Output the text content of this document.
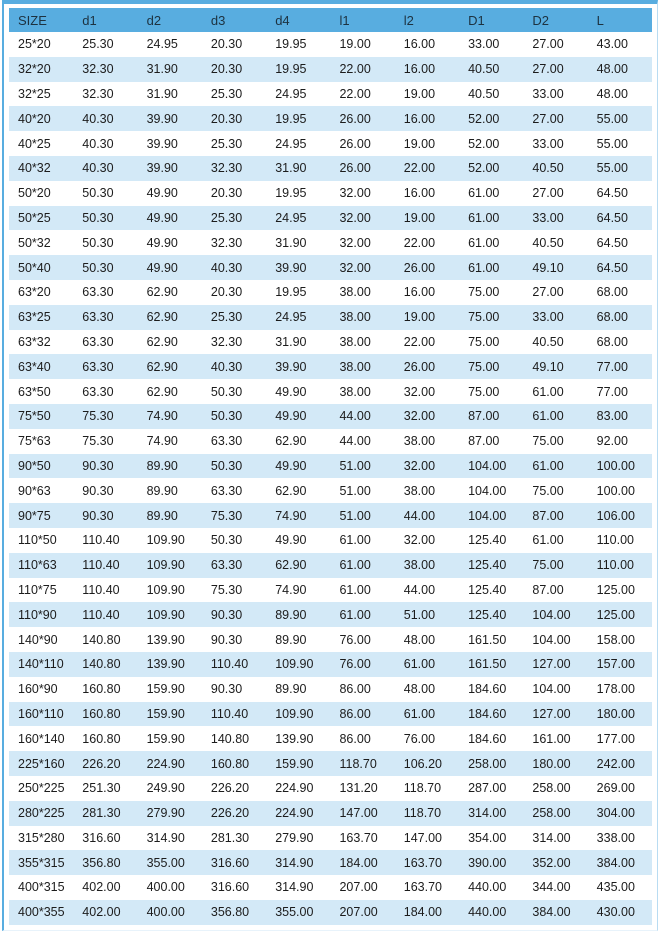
SIZE	d1	d2	d3	d4	l1	l2	D1	D2	L
25*20	25.30	24.95	20.30	19.95	19.00	16.00	33.00	27.00	43.00
32*20	32.30	31.90	20.30	19.95	22.00	16.00	40.50	27.00	48.00
32*25	32.30	31.90	25.30	24.95	22.00	19.00	40.50	33.00	48.00
40*20	40.30	39.90	20.30	19.95	26.00	16.00	52.00	27.00	55.00
40*25	40.30	39.90	25.30	24.95	26.00	19.00	52.00	33.00	55.00
40*32	40.30	39.90	32.30	31.90	26.00	22.00	52.00	40.50	55.00
50*20	50.30	49.90	20.30	19.95	32.00	16.00	61.00	27.00	64.50
50*25	50.30	49.90	25.30	24.95	32.00	19.00	61.00	33.00	64.50
50*32	50.30	49.90	32.30	31.90	32.00	22.00	61.00	40.50	64.50
50*40	50.30	49.90	40.30	39.90	32.00	26.00	61.00	49.10	64.50
63*20	63.30	62.90	20.30	19.95	38.00	16.00	75.00	27.00	68.00
63*25	63.30	62.90	25.30	24.95	38.00	19.00	75.00	33.00	68.00
63*32	63.30	62.90	32.30	31.90	38.00	22.00	75.00	40.50	68.00
63*40	63.30	62.90	40.30	39.90	38.00	26.00	75.00	49.10	77.00
63*50	63.30	62.90	50.30	49.90	38.00	32.00	75.00	61.00	77.00
75*50	75.30	74.90	50.30	49.90	44.00	32.00	87.00	61.00	83.00
75*63	75.30	74.90	63.30	62.90	44.00	38.00	87.00	75.00	92.00
90*50	90.30	89.90	50.30	49.90	51.00	32.00	104.00	61.00	100.00
90*63	90.30	89.90	63.30	62.90	51.00	38.00	104.00	75.00	100.00
90*75	90.30	89.90	75.30	74.90	51.00	44.00	104.00	87.00	106.00
110*50	110.40	109.90	50.30	49.90	61.00	32.00	125.40	61.00	110.00
110*63	110.40	109.90	63.30	62.90	61.00	38.00	125.40	75.00	110.00
110*75	110.40	109.90	75.30	74.90	61.00	44.00	125.40	87.00	125.00
110*90	110.40	109.90	90.30	89.90	61.00	51.00	125.40	104.00	125.00
140*90	140.80	139.90	90.30	89.90	76.00	48.00	161.50	104.00	158.00
140*110	140.80	139.90	110.40	109.90	76.00	61.00	161.50	127.00	157.00
160*90	160.80	159.90	90.30	89.90	86.00	48.00	184.60	104.00	178.00
160*110	160.80	159.90	110.40	109.90	86.00	61.00	184.60	127.00	180.00
160*140	160.80	159.90	140.80	139.90	86.00	76.00	184.60	161.00	177.00
225*160	226.20	224.90	160.80	159.90	118.70	106.20	258.00	180.00	242.00
250*225	251.30	249.90	226.20	224.90	131.20	118.70	287.00	258.00	269.00
280*225	281.30	279.90	226.20	224.90	147.00	118.70	314.00	258.00	304.00
315*280	316.60	314.90	281.30	279.90	163.70	147.00	354.00	314.00	338.00
355*315	356.80	355.00	316.60	314.90	184.00	163.70	390.00	352.00	384.00
400*315	402.00	400.00	316.60	314.90	207.00	163.70	440.00	344.00	435.00
400*355	402.00	400.00	356.80	355.00	207.00	184.00	440.00	384.00	430.00
